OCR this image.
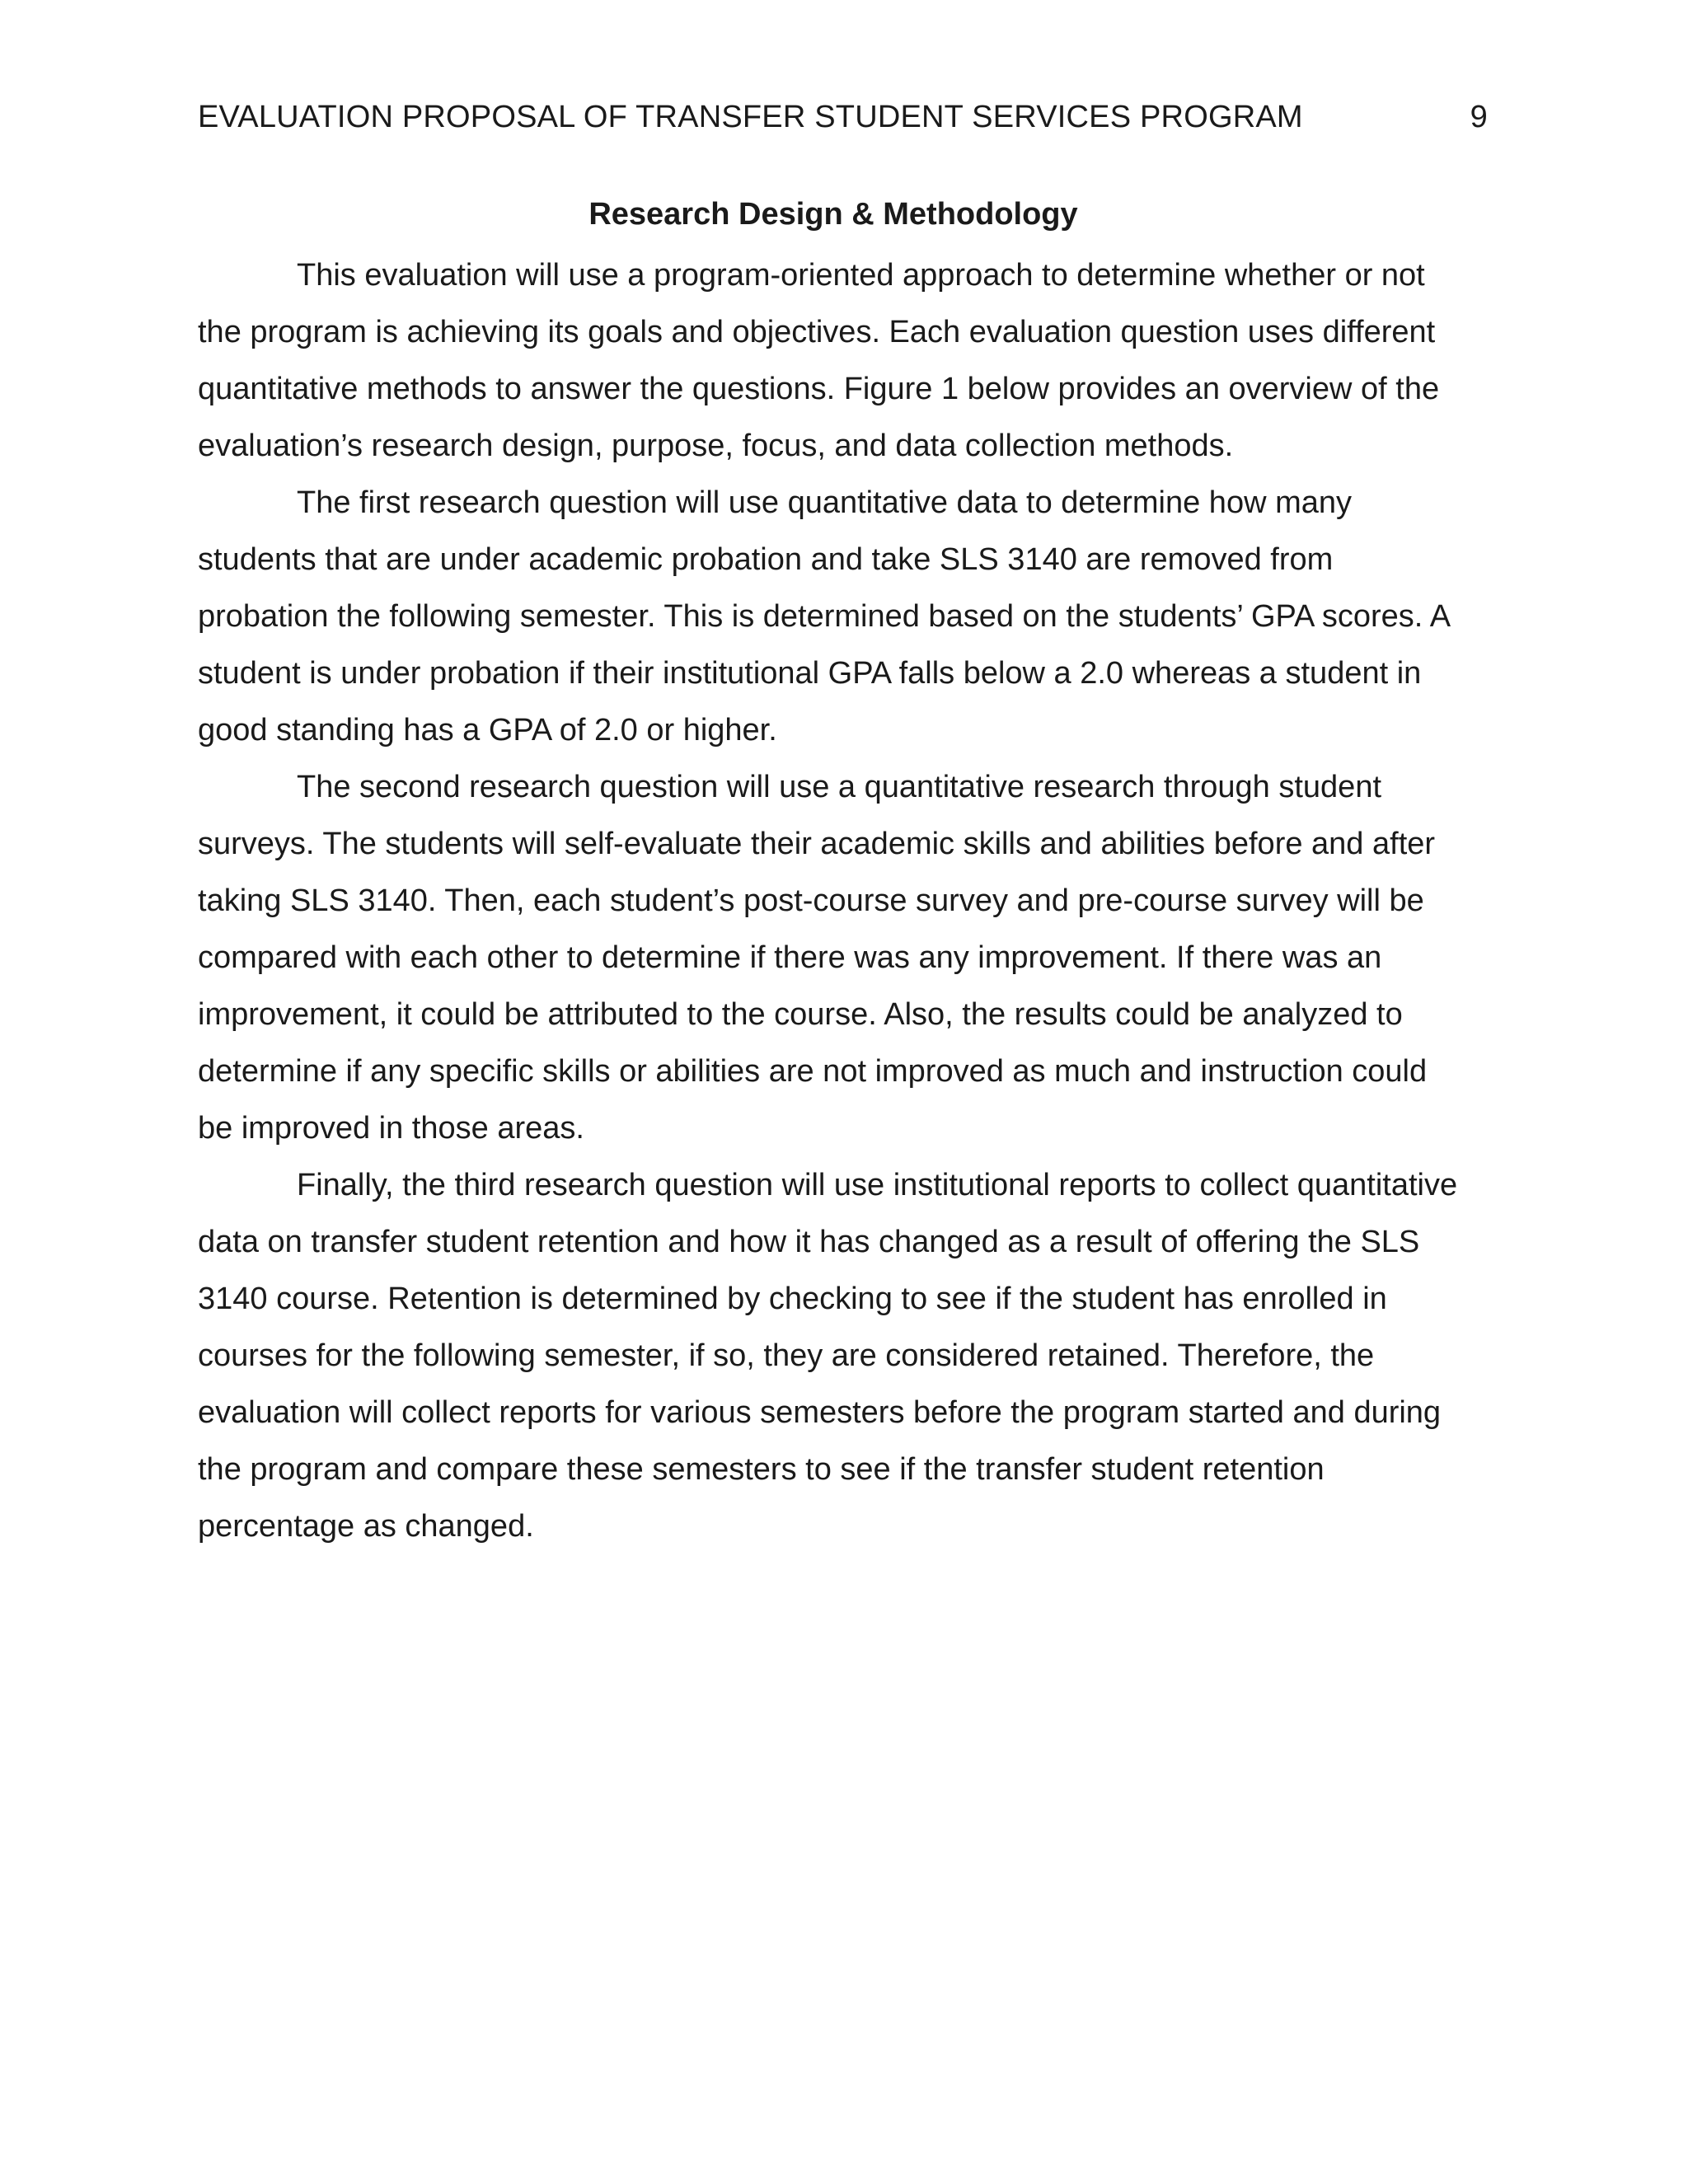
EVALUATION PROPOSAL OF TRANSFER STUDENT SERVICES PROGRAM	9
Research Design & Methodology

This evaluation will use a program-oriented approach to determine whether or not the program is achieving its goals and objectives. Each evaluation question uses different quantitative methods to answer the questions. Figure 1 below provides an overview of the evaluation’s research design, purpose, focus, and data collection methods.

The first research question will use quantitative data to determine how many students that are under academic probation and take SLS 3140 are removed from probation the following semester. This is determined based on the students’ GPA scores. A student is under probation if their institutional GPA falls below a 2.0 whereas a student in good standing has a GPA of 2.0 or higher.

The second research question will use a quantitative research through student surveys. The students will self-evaluate their academic skills and abilities before and after taking SLS 3140. Then, each student’s post-course survey and pre-course survey will be compared with each other to determine if there was any improvement. If there was an improvement, it could be attributed to the course. Also, the results could be analyzed to determine if any specific skills or abilities are not improved as much and instruction could be improved in those areas.

Finally, the third research question will use institutional reports to collect quantitative data on transfer student retention and how it has changed as a result of offering the SLS 3140 course. Retention is determined by checking to see if the student has enrolled in courses for the following semester, if so, they are considered retained. Therefore, the evaluation will collect reports for various semesters before the program started and during the program and compare these semesters to see if the transfer student retention percentage as changed.
